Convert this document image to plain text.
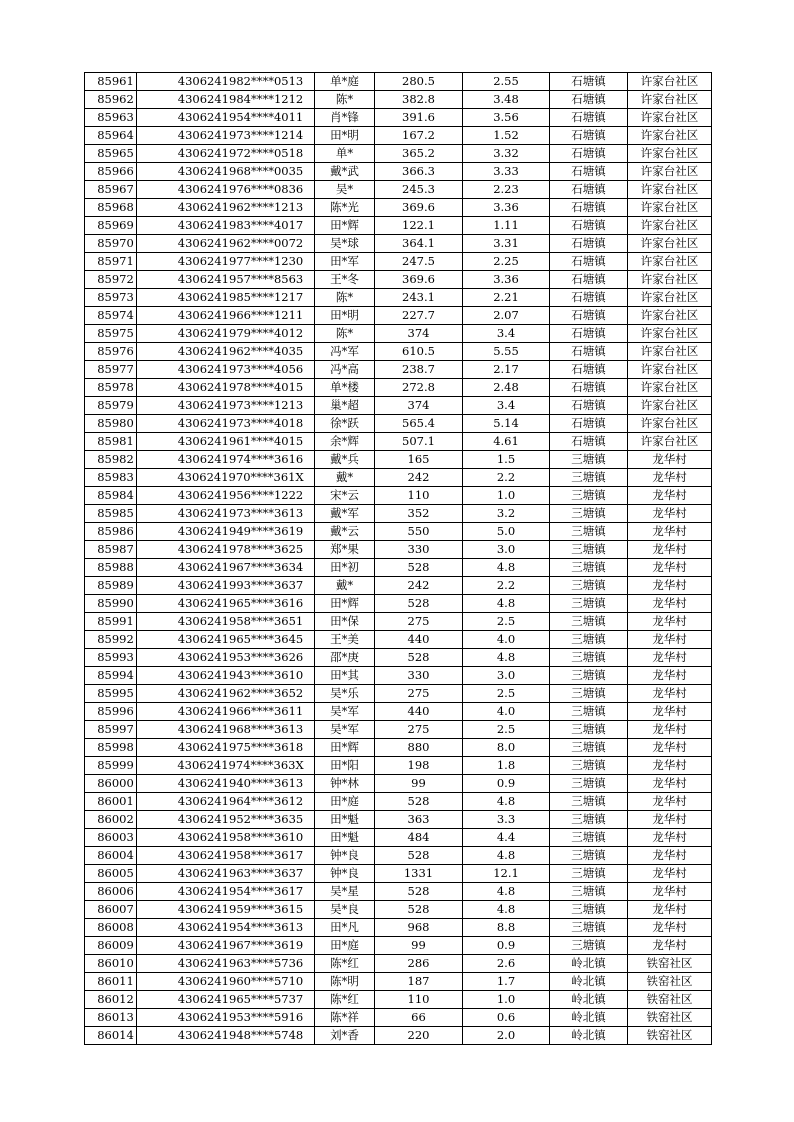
85961	4306241982****0513	单*庭	280.5	2.55	石塘镇	许家台社区
85962	4306241984****1212	陈*	382.8	3.48	石塘镇	许家台社区
85963	4306241954****4011	肖*锋	391.6	3.56	石塘镇	许家台社区
85964	4306241973****1214	田*明	167.2	1.52	石塘镇	许家台社区
85965	4306241972****0518	单*	365.2	3.32	石塘镇	许家台社区
85966	4306241968****0035	戴*武	366.3	3.33	石塘镇	许家台社区
85967	4306241976****0836	吴*	245.3	2.23	石塘镇	许家台社区
85968	4306241962****1213	陈*光	369.6	3.36	石塘镇	许家台社区
85969	4306241983****4017	田*辉	122.1	1.11	石塘镇	许家台社区
85970	4306241962****0072	吴*球	364.1	3.31	石塘镇	许家台社区
85971	4306241977****1230	田*军	247.5	2.25	石塘镇	许家台社区
85972	4306241957****8563	王*冬	369.6	3.36	石塘镇	许家台社区
85973	4306241985****1217	陈*	243.1	2.21	石塘镇	许家台社区
85974	4306241966****1211	田*明	227.7	2.07	石塘镇	许家台社区
85975	4306241979****4012	陈*	374	3.4	石塘镇	许家台社区
85976	4306241962****4035	冯*军	610.5	5.55	石塘镇	许家台社区
85977	4306241973****4056	冯*高	238.7	2.17	石塘镇	许家台社区
85978	4306241978****4015	单*楼	272.8	2.48	石塘镇	许家台社区
85979	4306241973****1213	巢*超	374	3.4	石塘镇	许家台社区
85980	4306241973****4018	徐*跃	565.4	5.14	石塘镇	许家台社区
85981	4306241961****4015	余*辉	507.1	4.61	石塘镇	许家台社区
85982	4306241974****3616	戴*兵	165	1.5	三塘镇	龙华村
85983	4306241970****361X	戴*	242	2.2	三塘镇	龙华村
85984	4306241956****1222	宋*云	110	1.0	三塘镇	龙华村
85985	4306241973****3613	戴*军	352	3.2	三塘镇	龙华村
85986	4306241949****3619	戴*云	550	5.0	三塘镇	龙华村
85987	4306241978****3625	郑*果	330	3.0	三塘镇	龙华村
85988	4306241967****3634	田*初	528	4.8	三塘镇	龙华村
85989	4306241993****3637	戴*	242	2.2	三塘镇	龙华村
85990	4306241965****3616	田*辉	528	4.8	三塘镇	龙华村
85991	4306241958****3651	田*保	275	2.5	三塘镇	龙华村
85992	4306241965****3645	王*美	440	4.0	三塘镇	龙华村
85993	4306241953****3626	邵*庚	528	4.8	三塘镇	龙华村
85994	4306241943****3610	田*其	330	3.0	三塘镇	龙华村
85995	4306241962****3652	吴*乐	275	2.5	三塘镇	龙华村
85996	4306241966****3611	吴*军	440	4.0	三塘镇	龙华村
85997	4306241968****3613	吴*军	275	2.5	三塘镇	龙华村
85998	4306241975****3618	田*辉	880	8.0	三塘镇	龙华村
85999	4306241974****363X	田*阳	198	1.8	三塘镇	龙华村
86000	4306241940****3613	钟*林	99	0.9	三塘镇	龙华村
86001	4306241964****3612	田*庭	528	4.8	三塘镇	龙华村
86002	4306241952****3635	田*魁	363	3.3	三塘镇	龙华村
86003	4306241958****3610	田*魁	484	4.4	三塘镇	龙华村
86004	4306241958****3617	钟*良	528	4.8	三塘镇	龙华村
86005	4306241963****3637	钟*良	1331	12.1	三塘镇	龙华村
86006	4306241954****3617	吴*星	528	4.8	三塘镇	龙华村
86007	4306241959****3615	吴*良	528	4.8	三塘镇	龙华村
86008	4306241954****3613	田*凡	968	8.8	三塘镇	龙华村
86009	4306241967****3619	田*庭	99	0.9	三塘镇	龙华村
86010	4306241963****5736	陈*红	286	2.6	岭北镇	铁窑社区
86011	4306241960****5710	陈*明	187	1.7	岭北镇	铁窑社区
86012	4306241965****5737	陈*红	110	1.0	岭北镇	铁窑社区
86013	4306241953****5916	陈*祥	66	0.6	岭北镇	铁窑社区
86014	4306241948****5748	刘*香	220	2.0	岭北镇	铁窑社区
